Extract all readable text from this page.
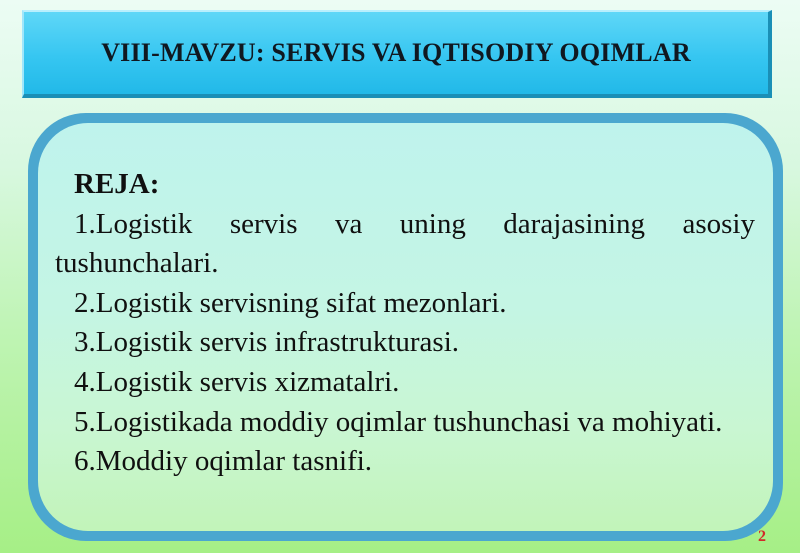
VIII-MAVZU: SERVIS VA IQTISODIY OQIMLAR
REJA:

1.Logistik servis va uning darajasining asosiy tushunchalari.

2.Logistik servisning sifat mezonlari.

3.Logistik servis infrastrukturasi.

4.Logistik servis xizmatalri.

5.Logistikada moddiy oqimlar tushunchasi va mohiyati.

6.Moddiy oqimlar tasnifi.

2
